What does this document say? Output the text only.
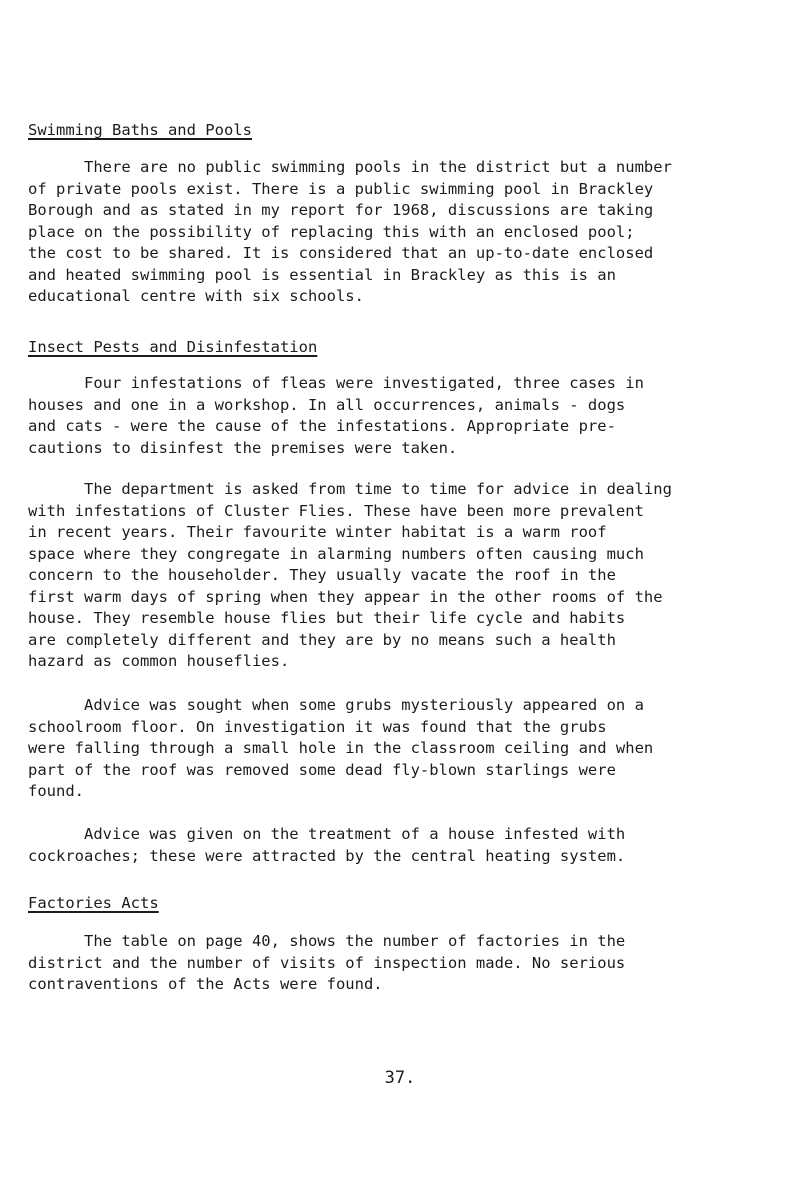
Swimming Baths and Pools
There are no public swimming pools in the district but a number
of private pools exist. There is a public swimming pool in Brackley
Borough and as stated in my report for 1968, discussions are taking
place on the possibility of replacing this with an enclosed pool;
the cost to be shared. It is considered that an up-to-date enclosed
and heated swimming pool is essential in Brackley as this is an
educational centre with six schools.
Insect Pests and Disinfestation
Four infestations of fleas were investigated, three cases in
houses and one in a workshop. In all occurrences, animals - dogs
and cats - were the cause of the infestations. Appropriate pre-
cautions to disinfest the premises were taken.
The department is asked from time to time for advice in dealing
with infestations of Cluster Flies. These have been more prevalent
in recent years. Their favourite winter habitat is a warm roof
space where they congregate in alarming numbers often causing much
concern to the householder. They usually vacate the roof in the
first warm days of spring when they appear in the other rooms of the
house. They resemble house flies but their life cycle and habits
are completely different and they are by no means such a health
hazard as common houseflies.
Advice was sought when some grubs mysteriously appeared on a
schoolroom floor. On investigation it was found that the grubs
were falling through a small hole in the classroom ceiling and when
part of the roof was removed some dead fly-blown starlings were
found.
Advice was given on the treatment of a house infested with
cockroaches; these were attracted by the central heating system.
Factories Acts
The table on page 40, shows the number of factories in the
district and the number of visits of inspection made. No serious
contraventions of the Acts were found.
37.
